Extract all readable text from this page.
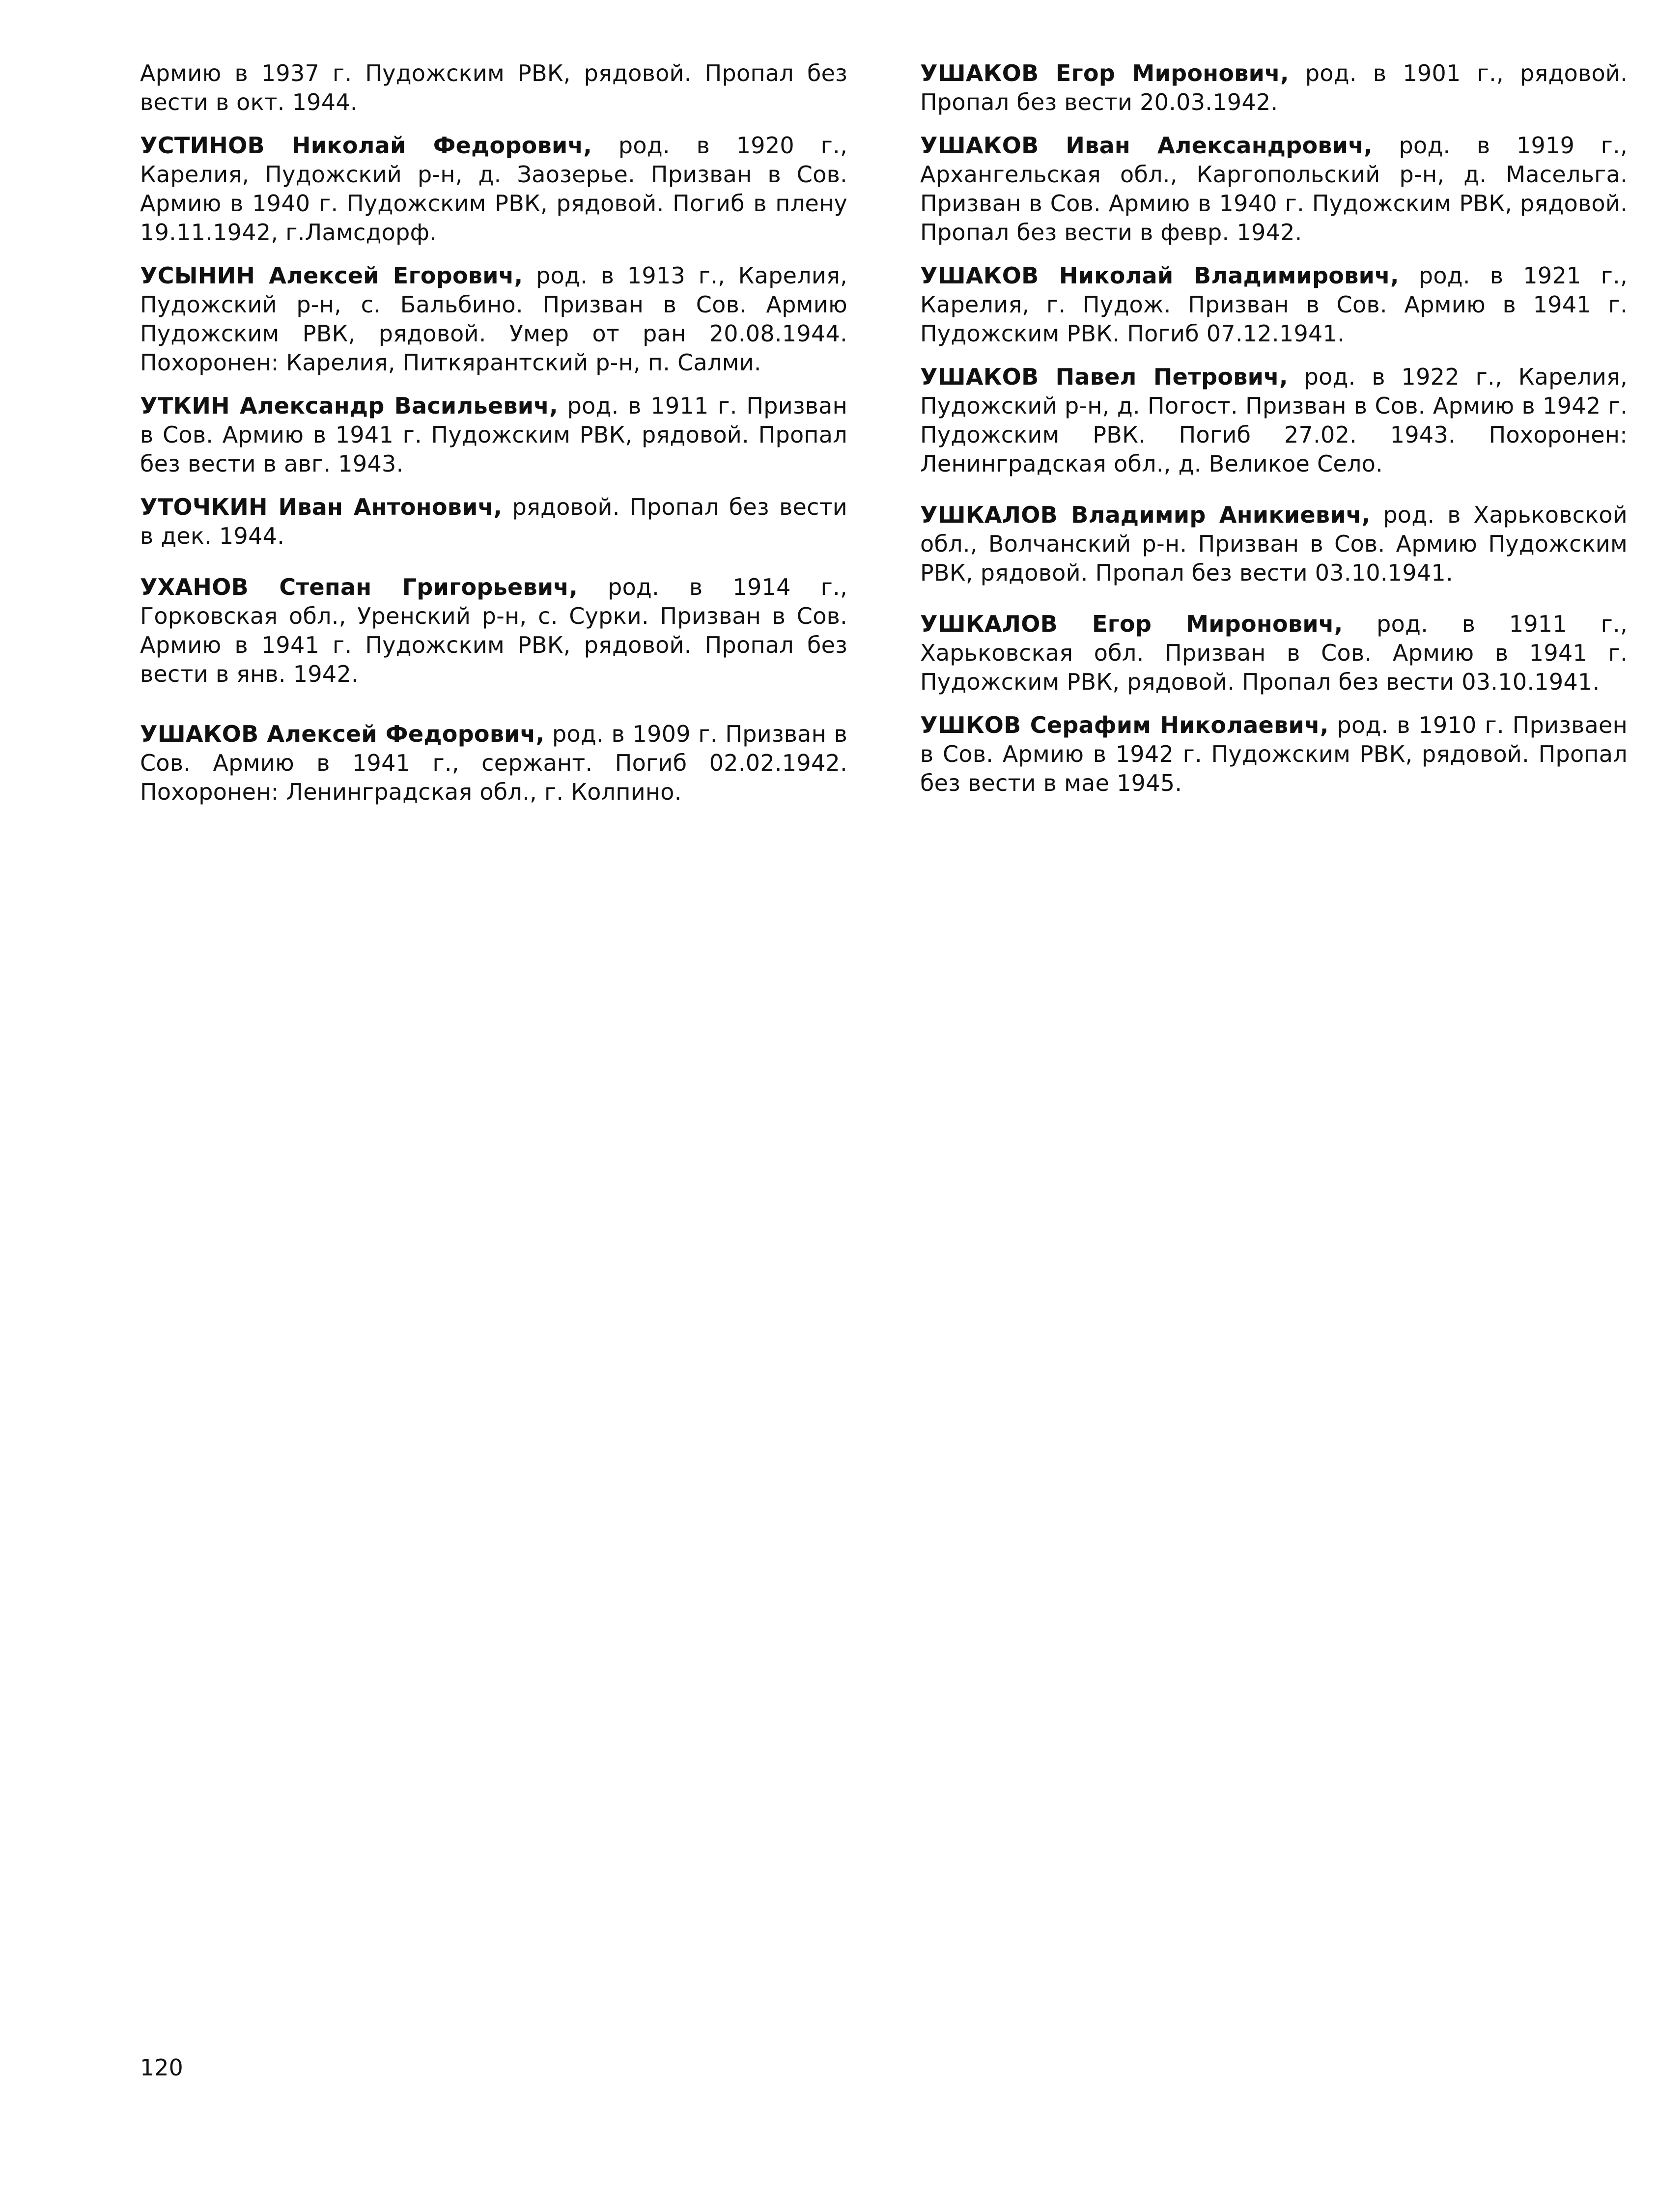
Армию в 1937 г. Пудожским РВК, рядовой. Пропал без вести в окт. 1944.

УСТИНОВ Николай Федорович, род. в 1920 г., Карелия, Пудожский р-н, д. Заозерье. Призван в Сов. Армию в 1940 г. Пудожским РВК, рядовой. Погиб в плену 19.11.1942, г.Ламсдорф.

УСЫНИН Алексей Егорович, род. в 1913 г., Карелия, Пудожский р-н, с. Бальбино. Призван в Сов. Армию Пудожским РВК, рядовой. Умер от ран 20.08.1944. Похоронен: Карелия, Питкярантский р-н, п. Салми.

УТКИН Александр Васильевич, род. в 1911 г. Призван в Сов. Армию в 1941 г. Пудожским РВК, рядовой. Пропал без вести в авг. 1943.

УТОЧКИН Иван Антонович, рядовой. Пропал без вести в дек. 1944.

УХАНОВ Степан Григорьевич, род. в 1914 г., Горковская обл., Уренский р-н, с. Сурки. Призван в Сов. Армию в 1941 г. Пудожским РВК, рядовой. Пропал без вести в янв. 1942.

УШАКОВ Алексей Федорович, род. в 1909 г. Призван в Сов. Армию в 1941 г., сержант. Погиб 02.02.1942. Похоронен: Ленинградская обл., г. Колпино.

УШАКОВ Егор Миронович, род. в 1901 г., рядовой. Пропал без вести 20.03.1942.

УШАКОВ Иван Александрович, род. в 1919 г., Архангельская обл., Каргопольский р-н, д. Масельга. Призван в Сов. Армию в 1940 г. Пудожским РВК, рядовой. Пропал без вести в февр. 1942.

УШАКОВ Николай Владимирович, род. в 1921 г., Карелия, г. Пудож. Призван в Сов. Армию в 1941 г. Пудожским РВК. Погиб 07.12.1941.

УШАКОВ Павел Петрович, род. в 1922 г., Карелия, Пудожский р-н, д. Погост. Призван в Сов. Армию в 1942 г. Пудожским РВК. Погиб 27.02. 1943. Похоронен: Ленинградская обл., д. Великое Село.

УШКАЛОВ Владимир Аникиевич, род. в Харьковской обл., Волчанский р-н. Призван в Сов. Армию Пудожским РВК, рядовой. Пропал без вести 03.10.1941.

УШКАЛОВ Егор Миронович, род. в 1911 г., Харьковская обл. Призван в Сов. Армию в 1941 г. Пудожским РВК, рядовой. Пропал без вести 03.10.1941.

УШКОВ Серафим Николаевич, род. в 1910 г. Призваен в Сов. Армию в 1942 г. Пудожским РВК, рядовой. Пропал без вести в мае 1945.

120
